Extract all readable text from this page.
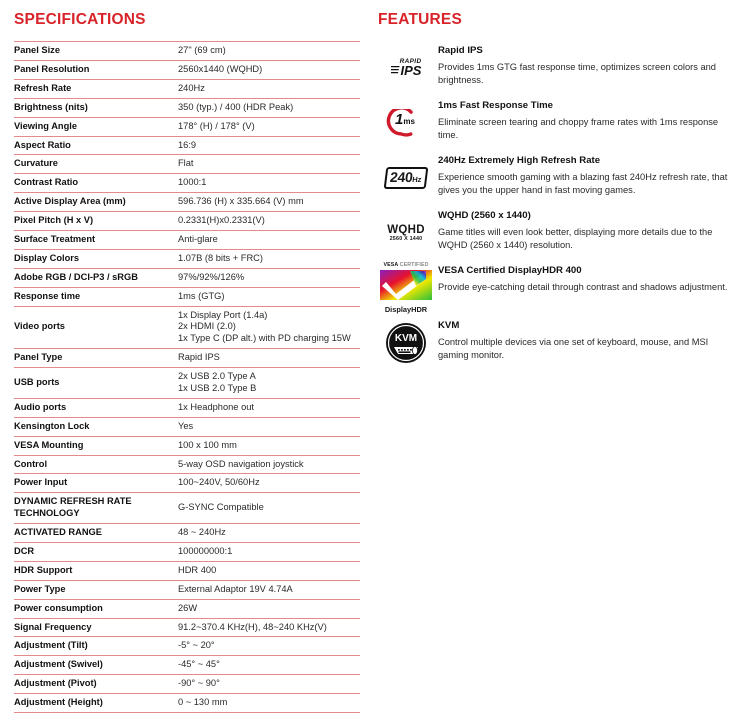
SPECIFICATIONS
Panel Size	27" (69 cm)
Panel Resolution	2560x1440 (WQHD)
Refresh Rate	240Hz
Brightness (nits)	350 (typ.) / 400 (HDR Peak)
Viewing Angle	178° (H) / 178° (V)
Aspect Ratio	16:9
Curvature	Flat
Contrast Ratio	1000:1
Active Display Area (mm)	596.736 (H) x 335.664 (V) mm
Pixel Pitch (H x V)	0.2331(H)x0.2331(V)
Surface Treatment	Anti-glare
Display Colors	1.07B (8 bits + FRC)
Adobe RGB / DCI-P3 / sRGB	97%/92%/126%
Response time	1ms (GTG)
Video ports	1x Display Port (1.4a)
2x HDMI (2.0)
1x Type C (DP alt.) with PD charging 15W

Panel Type	Rapid IPS
USB ports	2x USB 2.0 Type A
1x USB 2.0 Type B

Audio ports	1x Headphone out
Kensington Lock	Yes
VESA Mounting	100 x 100 mm
Control	5-way OSD navigation joystick
Power Input	100~240V, 50/60Hz
DYNAMIC REFRESH RATE TECHNOLOGY	G-SYNC Compatible
ACTIVATED RANGE	48 ~ 240Hz
DCR	100000000:1
HDR Support	HDR 400
Power Type	External Adaptor 19V 4.74A
Power consumption	26W
Signal Frequency	91.2~370.4 KHz(H), 48~240 KHz(V)
Adjustment (Tilt)	-5° ~ 20°
Adjustment (Swivel)	-45° ~ 45°
Adjustment (Pivot)	-90° ~ 90°
Adjustment (Height)	0 ~ 130 mm
FEATURES
RAPID
IPS
Rapid IPS
Provides 1ms GTG fast response time, optimizes screen colors and brightness.
1ms
1ms Fast Response Time
Eliminate screen tearing and choppy frame rates with 1ms response time.
240Hz
240Hz Extremely High Refresh Rate
Experience smooth gaming with a blazing fast 240Hz refresh rate, that gives you the upper hand in fast moving games.
WQHD
2560 X 1440
WQHD (2560 x 1440)
Game titles will even look better, displaying more details due to the WQHD (2560 x 1440) resolution.
VESA CERTIFIED
DisplayHDR
VESA Certified DisplayHDR 400
Provide eye-catching detail through contrast and shadows adjustment.
KVM
KVM
Control multiple devices via one set of keyboard, mouse, and MSI gaming monitor.
